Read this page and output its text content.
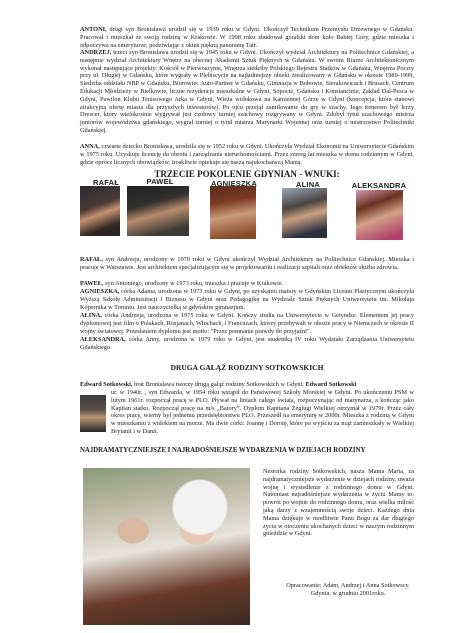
ANTONI, drugi syn Bronisława urodził się w 1939 roku w Gdyni. Ukończył Technikum Przemysłu Drzewnego w Gdańsku. Pracował i mieszkał ze swoją rodziną w Krakowie. W 1998 roku zbudował góralski dom koło Babiej Góry, gdzie mieszka i odpoczywa na emeryturze, podziwiając z okien piękną panoramę Tatr.
ANDRZEJ, trzeci syn Bronisława urodził się w 1945 roku w Gdyni. Ukończył wydział Architektury na Politechnice Gdańskiej, a następnie wydział Architektury Wnętrz na obecnej Akademii Sztuk Pięknych w Gdańsku. W swoim Biurze Architektonicznym wykonał następujące projekty: Kościół w Pierwoszynie, Wnętrza siedziby Polskiego Rejestru Statków w Gdańsku, Wnętrza Poczty przy ul. Długiej w Gdańsku, które wygrały w Plebiscycie na najładniejszy obiekt zrealizowany w Gdańsku w okresie 1989-1999, Siedziba oddziału NBP w Gdańsku, Biurowiec Auto-Partner w Gdańsku, Gimnazja w Bobowie, Sierakowicach i Brusach, Centrum Edukacji Młodzieży w Bielkowie, liczne rezydencje mieszkalne w Gdyni, Sopocie, Gdańsku i Konstancinie, Zakład Dal-Pesca w Gdyni, Pawilon Klubu Tenisowego Arka w Gdyni, Wieża widokowa na Kamiennej Górze w Gdyni (koncepcja, która stanowi atrakcyjną ofertę miasta dla przyszłych inwestorów). Po ojcu przejął zamiłowanie do gry w szachy. Jego trenerem był Jerzy Drescer, który wielokrotnie wygrywał jest czołowy turniej szachowy rozgrywany w Gdyni. Zdobył tytuł szachowego mistrza juniorów województwa gdańskiego, wygrał turniej o tytuł mistrza Marynarki Wojennej oraz turniej o mistrzostwo Politechniki Gdańskiej.
ANNA, czwarte dziecko Bronisława, urodziła się w 1952 roku w Gdyni. Ukończyła Wydział Ekonomii na Uniwersytecie Gdańskim w 1975 roku. Uzyskuje licencję do obrotu i zarządzania nieruchomościami. Przez szereg lat mieszka w domu rodzinnym w Gdyni, gdzie oprócz licznych obowiązków, troskliwie opiekuje się naszą najukochańszą Mamą.
TRZECIE POKOLENIE GDYNIAN - WNUKI:
RAFAŁ	PAWEŁ	AGNIESZKA	ALINA	ALEKSANDRA
RAFAŁ, syn Andrzeja, urodzony w 1970 roku w Gdyni ukończył Wydział Architektury na Politechnice Gdańskiej. Mieszka i pracuje w Warszawie. Jest architektem specjalizującym się w projektowaniu i realizacji szpitali oraz obiektów służba zdrowia.
PAWEŁ, syn Antoniego, urodzony w 1973 roku, mieszka i pracuje w Krakowie.
AGNIESZKA, córka Adama, urodzona w 1973 roku w Gdyni, po uzyskaniu matury w Gdyńskim Liceum Plastycznym ukończyła Wyższą Szkołę Administracji i Biznesu w Gdyni oraz Pedagogikę na Wydziale Sztuk Pięknych Uniwersytetu im. Mikołaja Kopernika w Toruniu. Jest nauczycielką w gdyńskim gimnazjum.
ALINA, córka Andrzeja, urodzona w 1975 roku w Gdyni. Kończy studia na Uniwersytecie w Getyndze. Elementem jej pracy dyplomowej jest film o Polakach, Rosjanach, Włochach, i Francuzach, którzy przebywali w obozie pracy w Niemczech w okresie II wojny światowej. Przesłaniem dyplomu jest motto: "Przez pomnanie prawdy do przyjaźni".
ALEKSANDRA, córka Anny, urodzona w 1979 roku w Gdyni, jest studentką IV roku Wydziału Zarządzania Uniwersytetu Gdańskiego.
DRUGA GAŁĄŹ RODZINY SOTKOWSKICH
Edward Sotkowski, brat Bronisława tworzy drugą gałąź rodziny Sotkowskich w Gdyni. Edward Sotkowski
ur. w 1940r. , syn Edwarda, w 1954 roku wstąpił do Państwowej Szkoły Morskiej w Gdyni. Po ukończeniu PSM w lutym 1961r. rozpoczął pracę w PLO. Pływał na liniach całego świata, rozpoczynając od marynarza, a kończąc jako Kapitan statku. Rozpoczął pracę na m/s „Batory”. Dyplom Kapitana Żeglugi Wielkiej otrzymał w 1979r. Przez cały okres pracy, wierny był jednemu przedsiębiorstwu PLO. Przeszedł na emeryturę w 2000r. Mieszka z rodziną w Gdyni w mieszkaniu z widokiem na morze. Ma dwie córki: Joannę i Dorotę, które po wyjściu za mąż zamieszkały w Wielkiej Brytanii i w Danii.
NAJDRAMATYCZNIEJSZE I NAJRADOŚNIEJSZE WYDARZENIA W DZIEJACH RODZINY
Nestorka rodziny Sotkowskich, nasza Mama Maria, za najdramatyczniejsze wydarzenie w dziejach rodziny, uważa wojnę i wysiedlenie z rodzinnego domu w Gdyni. Natomiast najradośniejsze wydarzenia w życiu Mamy to: powrót po wojnie do rodzinnego domu, oraz wielka miłość jaką darzy z wzajemnością swoje dzieci. Każdego dnia Mama dziękuje w modlitwie Panu Bogu za dar długiego życia w otoczeniu ukochanych dzieci w naszym rodzinnym gnieździe w Gdyni.
Opracowanie: Adam, Andrzej i Anna Sotkowscy.
Gdynia, w grudniu 2001roku.
